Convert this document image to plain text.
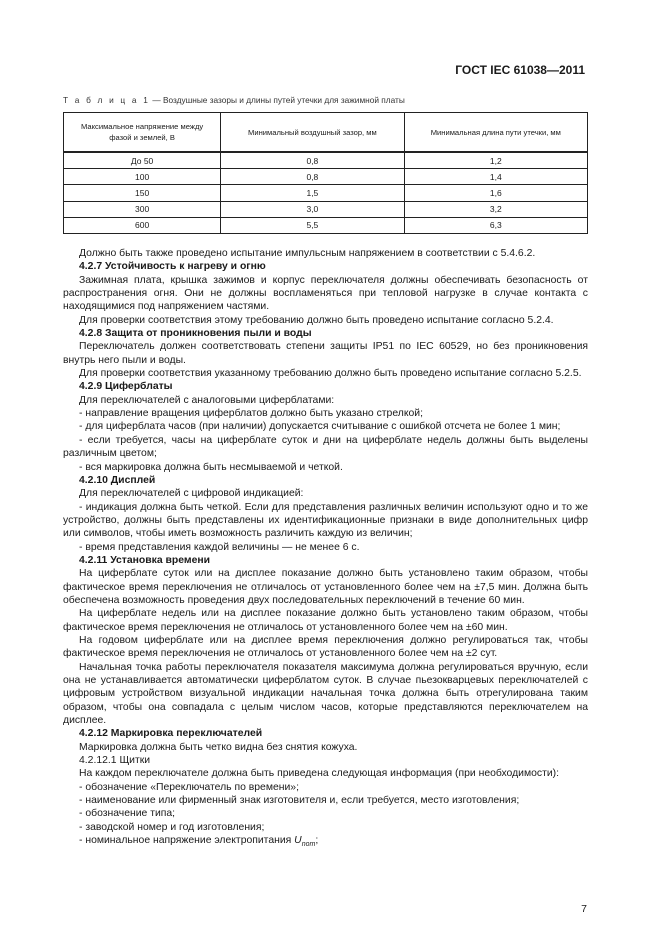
ГОСТ IEC 61038—2011
Т а б л и ц а 1 — Воздушные зазоры и длины путей утечки для зажимной платы
Максимальное напряжение между фазой и землей, В	Минимальный воздушный зазор, мм	Минимальная длина пути утечки, мм
До 50	0,8	1,2
100	0,8	1,4
150	1,5	1,6
300	3,0	3,2
600	5,5	6,3

Должно быть также проведено испытание импульсным напряжением в соответствии с 5.4.6.2.

4.2.7 Устойчивость к нагреву и огню

Зажимная плата, крышка зажимов и корпус переключателя должны обеспечивать безопасность от распространения огня. Они не должны воспламеняться при тепловой нагрузке в случае контакта с находящимися под напряжением частями.

Для проверки соответствия этому требованию должно быть проведено испытание согласно 5.2.4.

4.2.8 Защита от проникновения пыли и воды

Переключатель должен соответствовать степени защиты IP51 по IEC 60529, но без проникновения внутрь него пыли и воды.

Для проверки соответствия указанному требованию должно быть проведено испытание согласно 5.2.5.

4.2.9 Циферблаты

Для переключателей с аналоговыми циферблатами:

- направление вращения циферблатов должно быть указано стрелкой;

- для циферблата часов (при наличии) допускается считывание с ошибкой отсчета не более 1 мин;

- если требуется, часы на циферблате суток и дни на циферблате недель должны быть выделены различным цветом;

- вся маркировка должна быть несмываемой и четкой.

4.2.10 Дисплей

Для переключателей с цифровой индикацией:

- индикация должна быть четкой. Если для представления различных величин используют одно и то же устройство, должны быть представлены их идентификационные признаки в виде дополнительных цифр или символов, чтобы иметь возможность различить каждую из величин;

- время представления каждой величины — не менее 6 с.

4.2.11 Установка времени

На циферблате суток или на дисплее показание должно быть установлено таким образом, чтобы фактическое время переключения не отличалось от установленного более чем на ±7,5 мин. Должна быть обеспечена возможность проведения двух последовательных переключений в течение 60 мин.

На циферблате недель или на дисплее показание должно быть установлено таким образом, чтобы фактическое время переключения не отличалось от установленного более чем на ±60 мин.

На годовом циферблате или на дисплее время переключения должно регулироваться так, чтобы фактическое время переключения не отличалось от установленного более чем на ±2 сут.

Начальная точка работы переключателя показателя максимума должна регулироваться вручную, если она не устанавливается автоматически циферблатом суток. В случае пьезокварцевых переключателей с цифровым устройством визуальной индикации начальная точка должна быть отрегулирована таким образом, чтобы она совпадала с целым числом часов, которые представляются переключателем на дисплее.

4.2.12 Маркировка переключателей

Маркировка должна быть четко видна без снятия кожуха.

4.2.12.1 Щитки

На каждом переключателе должна быть приведена следующая информация (при необходимости):

- обозначение «Переключатель по времени»;

- наименование или фирменный знак изготовителя и, если требуется, место изготовления;

- обозначение типа;

- заводской номер и год изготовления;

- номинальное напряжение электропитания $U_{nom}$;

7
